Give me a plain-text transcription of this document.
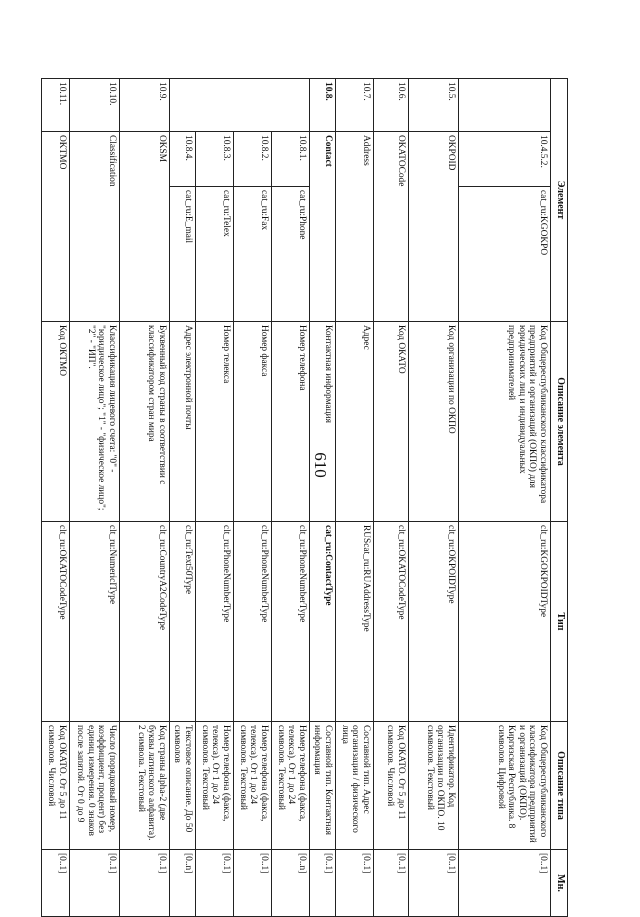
610
Элемент			Описание элемента	Тип	Описание типа	Мн.
	10.4.5.2.	cat_ru:KGOKPO	Код Общереспубликанского классификатора предприятий и организаций (ОКПО) для юридических лиц и индивидуальных предпринимателей	clt_ru:KGOKPOIDType	Код Общереспубликанского классификатора предприятий и организаций (ОКПО). Киргизская Республика. 8 символов. Цифровой	[0..1]
10.5.	OKPOID		Код организации по ОКПО	clt_ru:OKPOIDType	Идентификатор. Код организации по ОКПО. 10 символов. Текстовый	[0..1]
10.6.	OKATOCode		Код ОКАТО	clt_ru:OKATOCodeType	Код ОКАТО. От 5 до 11 символов. Числовой	[0..1]
10.7.	Address		Адрес	RUScat_ru:RUAddressType	Составной тип. Адрес организации / физического лица	[0..1]
10.8.	Contact		Контактная информация	cat_ru:ContactType	Составной тип. Контактная информация	[0..1]
	10.8.1.	cat_ru:Phone	Номер телефона	clt_ru:PhoneNumberType	Номер телефона (факса, телекса). От 1 до 24 символов. Текстовый	[0..n]
	10.8.2.	cat_ru:Fax	Номер факса	clt_ru:PhoneNumberType	Номер телефона (факса, телекса). От 1 до 24 символов. Текстовый	[0..1]
	10.8.3.	cat_ru:Telex	Номер телекса	clt_ru:PhoneNumberType	Номер телефона (факса, телекса). От 1 до 24 символов. Текстовый	[0..1]
	10.8.4.	cat_ru:E_mail	Адрес электронной почты	clt_ru:Text50Type	Текстовое описание. До 50 символов	[0..n]
10.9.	OKSM		Буквенный код страны в соответствии с классификатором стран мира	clt_ru:CountryA2CodeType	Код страны alpha-2 (две буквы латинского алфавита). 2 символа. Текстовый	[0..1]
10.10.	Classification		Классификация лицевого счета: "0" - "юридическое лицо"; "1" - "физическое лицо"; "2" - "ИП".	clt_ru:NumericIType	Число (порядковый номер, коэффициент, процент) без единиц измерения. 0 знаков после запятой. От 0 до 9	[0..1]
10.11.	OKTMO		Код ОКТМО	clt_ru:OKATOCodeType	Код ОКАТО. От 5 до 11 символов. Числовой	[0..1]
